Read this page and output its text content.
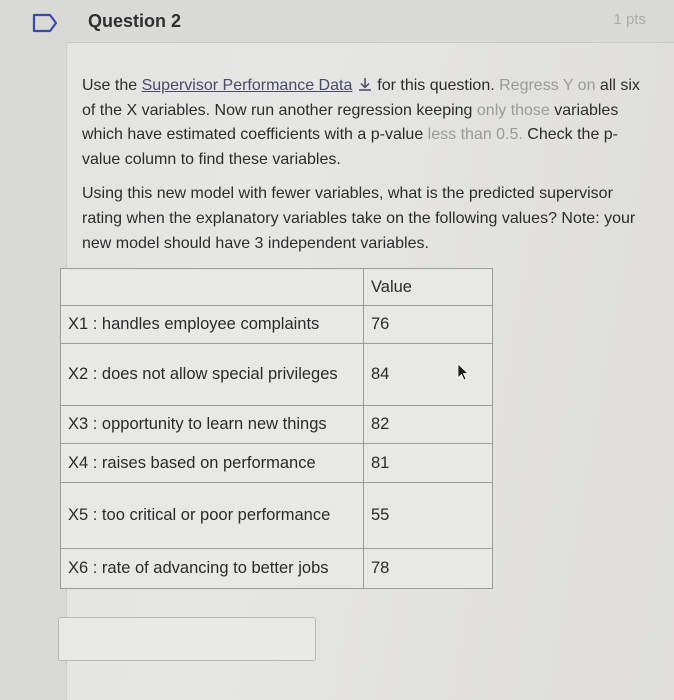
Question 2	1 pts
Use the Supervisor Performance Data  for this question. Regress Y on all six of the X variables. Now run another regression keeping only those variables which have estimated coefficients with a p-value less than 0.5. Check the p-value column to find these variables.
Using this new model with fewer variables, what is the predicted supervisor rating when the explanatory variables take on the following values? Note: your new model should have 3 independent variables.
	Value
X1 : handles employee complaints	76
X2 : does not allow special privileges	84
X3 : opportunity to learn new things	82
X4 : raises based on performance	81
X5 : too critical or poor performance	55
X6 : rate of advancing to better jobs	78
